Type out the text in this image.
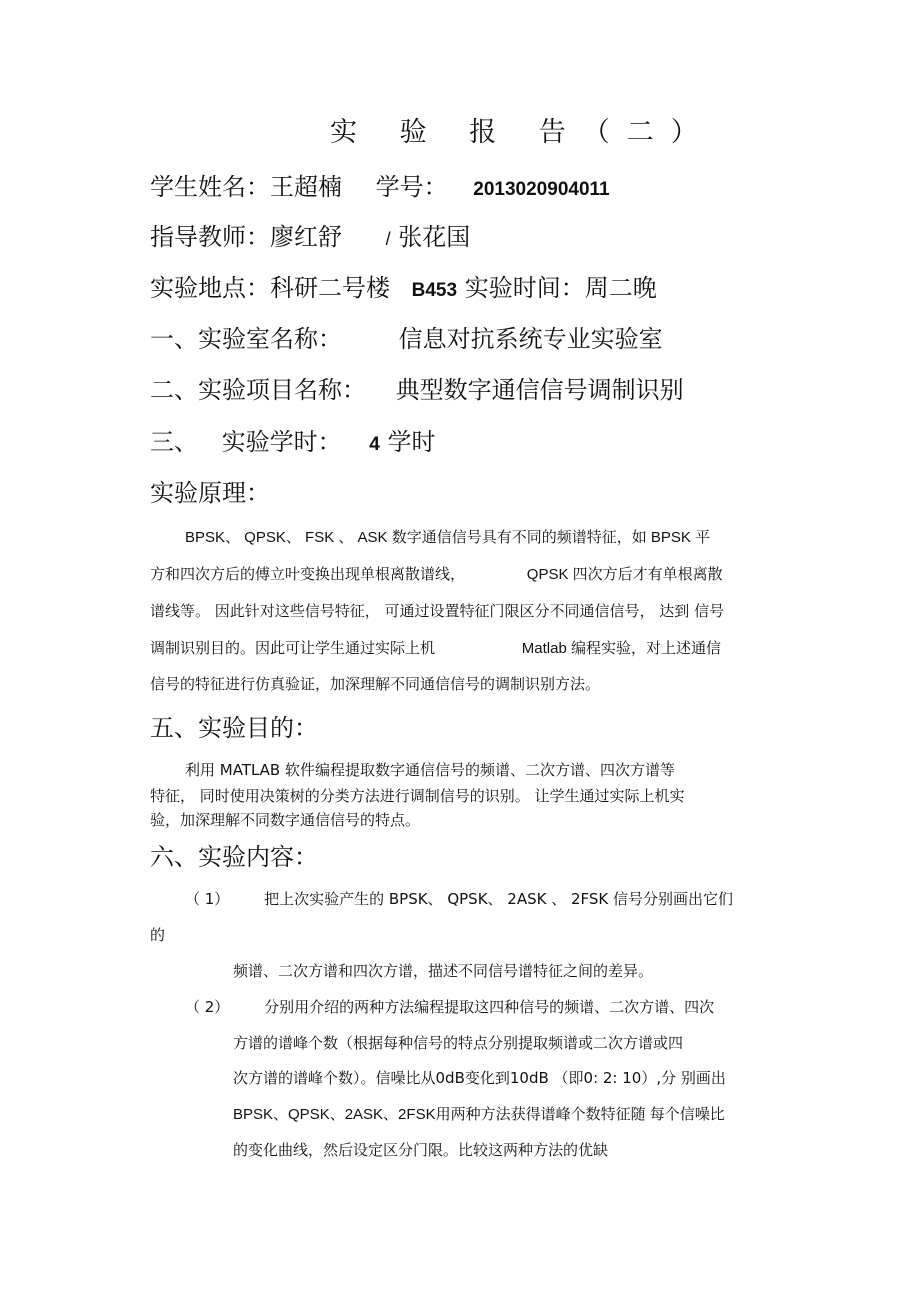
实 验 报 告（二）
学生姓名：王超楠 学号： 2013020904011
指导教师：廖红舒 / 张花国
实验地点：科研二号楼 B453 实验时间：周二晚
一、实验室名称： 信息对抗系统专业实验室
二、实验项目名称： 典型数字通信信号调制识别
三、 实验学时： 4 学时
实验原理：
BPSK、 QPSK、 FSK 、 ASK 数字通信信号具有不同的频谱特征，如 BPSK 平
方和四次方后的傅立叶变换出现单根离散谱线，	QPSK 四次方后才有单根离散
谱线等。 因此针对这些信号特征， 可通过设置特征门限区分不同通信信号， 达到 信号
调制识别目的。因此可让学生通过实际上机	Matlab 编程实验，对上述通信
信号的特征进行仿真验证，加深理解不同通信信号的调制识别方法。
五、实验目的：
利用 MATLAB 软件编程提取数字通信信号的频谱、二次方谱、四次方谱等
特征， 同时使用决策树的分类方法进行调制信号的识别。 让学生通过实际上机实
验，加深理解不同数字通信信号的特点。
六、实验内容：
（ 1） 把上次实验产生的 BPSK、 QPSK、 2ASK 、 2FSK 信号分别画出它们
的
频谱、二次方谱和四次方谱，描述不同信号谱特征之间的差异。
（ 2） 分别用介绍的两种方法编程提取这四种信号的频谱、二次方谱、四次
方谱的谱峰个数（根据每种信号的特点分别提取频谱或二次方谱或四
次方谱的谱峰个数）。信噪比从0dB变化到10dB （即0: 2: 10）,分 别画出
BPSK、QPSK、2ASK、2FSK用两种方法获得谱峰个数特征随 每个信噪比
的变化曲线，然后设定区分门限。比较这两种方法的优缺
